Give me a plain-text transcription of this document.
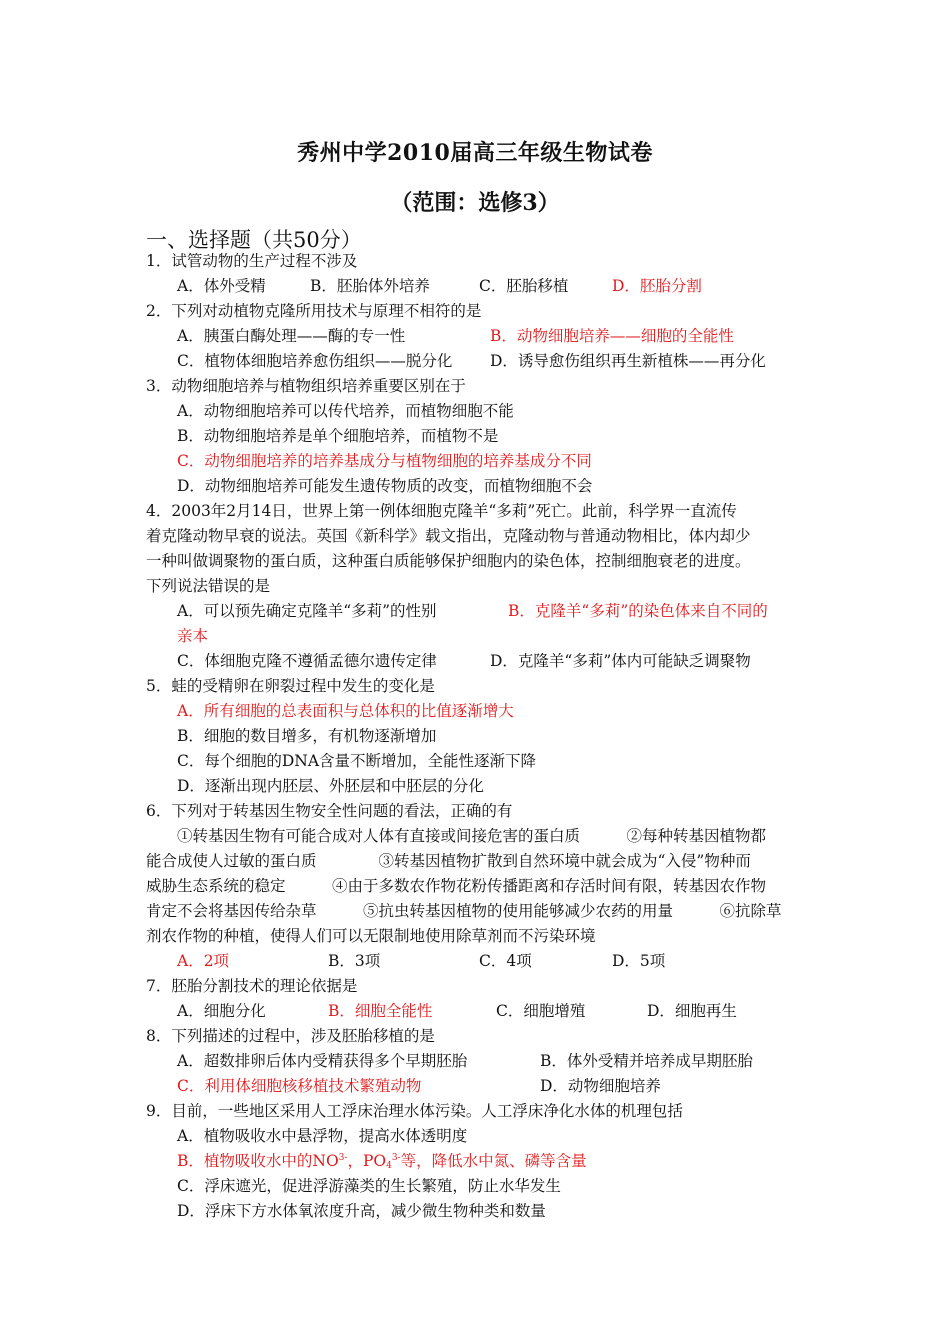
秀州中学2010届高三年级生物试卷
（范围：选修3）
一、选择题（共50分）
1．试管动物的生产过程不涉及
A．体外受精	B．胚胎体外培养	C．胚胎移植	D．胚胎分割
2．下列对动植物克隆所用技术与原理不相符的是
A．胰蛋白酶处理——酶的专一性	B．动物细胞培养——细胞的全能性
C．植物体细胞培养愈伤组织——脱分化 D．诱导愈伤组织再生新植株——再分化
3．动物细胞培养与植物组织培养重要区别在于
A．动物细胞培养可以传代培养，而植物细胞不能
B．动物细胞培养是单个细胞培养，而植物不是
C．动物细胞培养的培养基成分与植物细胞的培养基成分不同
D．动物细胞培养可能发生遗传物质的改变，而植物细胞不会
4．2003年2月14日，世界上第一例体细胞克隆羊“多莉”死亡。此前，科学界一直流传
着克隆动物早衰的说法。英国《新科学》载文指出，克隆动物与普通动物相比，体内却少
一种叫做调聚物的蛋白质，这种蛋白质能够保护细胞内的染色体，控制细胞衰老的进度。
下列说法错误的是
A．可以预先确定克隆羊“多莉”的性别	B．克隆羊“多莉”的染色体来自不同的
亲本
C．体细胞克隆不遵循孟德尔遗传定律	D．克隆羊“多莉”体内可能缺乏调聚物
5．蛙的受精卵在卵裂过程中发生的变化是
A．所有细胞的总表面积与总体积的比值逐渐增大
B．细胞的数目增多，有机物逐渐增加
C．每个细胞的DNA含量不断增加，全能性逐渐下降
D．逐渐出现内胚层、外胚层和中胚层的分化
6．下列对于转基因生物安全性问题的看法，正确的有
①转基因生物有可能合成对人体有直接或间接危害的蛋白质　　　②每种转基因植物都
能合成使人过敏的蛋白质　　　　③转基因植物扩散到自然环境中就会成为“入侵”物种而
威胁生态系统的稳定　　　④由于多数农作物花粉传播距离和存活时间有限，转基因农作物
肯定不会将基因传给杂草　　　⑤抗虫转基因植物的使用能够减少农药的用量　　　⑥抗除草
剂农作物的种植，使得人们可以无限制地使用除草剂而不污染环境
A．2项	B．3项	C．4项	D．5项
7．胚胎分割技术的理论依据是
A．细胞分化	B．细胞全能性	C．细胞增殖	D．细胞再生
8．下列描述的过程中，涉及胚胎移植的是
A．超数排卵后体内受精获得多个早期胚胎	B．体外受精并培养成早期胚胎
C．利用体细胞核移植技术繁殖动物	D．动物细胞培养
9．目前，一些地区采用人工浮床治理水体污染。人工浮床净化水体的机理包括
A．植物吸收水中悬浮物，提高水体透明度
B．植物吸收水中的$NO^{3-}$，$PO_4^{3-}$等，降低水中氮、磷等含量
C．浮床遮光，促进浮游藻类的生长繁殖，防止水华发生
D．浮床下方水体氧浓度升高，减少微生物种类和数量
